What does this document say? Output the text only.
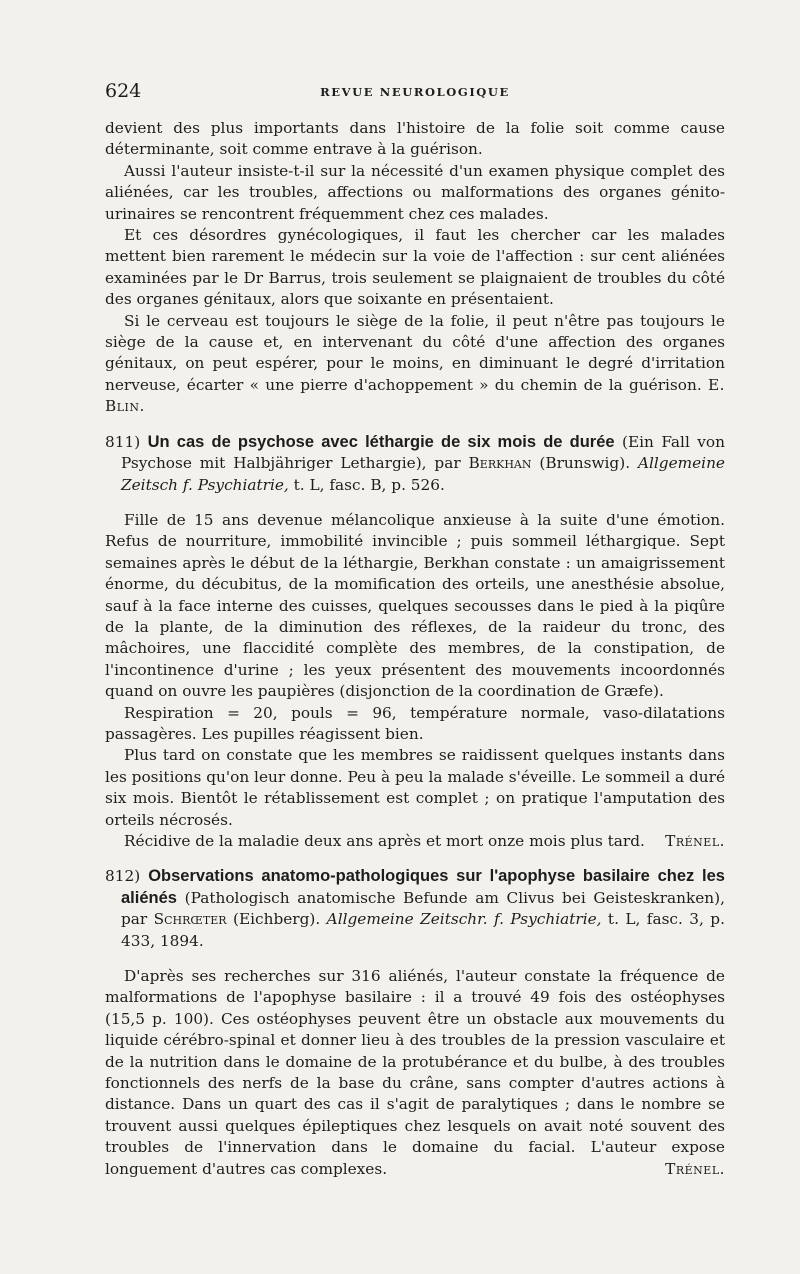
624	REVUE NEUROLOGIQUE

devient des plus importants dans l'histoire de la folie soit comme cause déterminante, soit comme entrave à la guérison.

Aussi l'auteur insiste-t-il sur la nécessité d'un examen physique complet des aliénées, car les troubles, affections ou malformations des organes génito-urinaires se rencontrent fréquemment chez ces malades.

Et ces désordres gynécologiques, il faut les chercher car les malades mettent bien rarement le médecin sur la voie de l'affection : sur cent aliénées examinées par le Dr Barrus, trois seulement se plaignaient de troubles du côté des organes génitaux, alors que soixante en présentaient.

Si le cerveau est toujours le siège de la folie, il peut n'être pas toujours le siège de la cause et, en intervenant du côté d'une affection des organes génitaux, on peut espérer, pour le moins, en diminuant le degré d'irritation nerveuse, écarter « une pierre d'achoppement » du chemin de la guérison. E. Blin.

811) Un cas de psychose avec léthargie de six mois de durée (Ein Fall von Psychose mit Halbjähriger Lethargie), par Berkhan (Brunswig). Allgemeine Zeitsch f. Psychiatrie, t. L, fasc. B, p. 526.

Fille de 15 ans devenue mélancolique anxieuse à la suite d'une émotion. Refus de nourriture, immobilité invincible ; puis sommeil léthargique. Sept semaines après le début de la léthargie, Berkhan constate : un amaigrissement énorme, du décubitus, de la momification des orteils, une anesthésie absolue, sauf à la face interne des cuisses, quelques secousses dans le pied à la piqûre de la plante, de la diminution des réflexes, de la raideur du tronc, des mâchoires, une flaccidité complète des membres, de la constipation, de l'incontinence d'urine ; les yeux présentent des mouvements incoordonnés quand on ouvre les paupières (disjonction de la coordination de Græfe).

Respiration = 20, pouls = 96, température normale, vaso-dilatations passagères. Les pupilles réagissent bien.

Plus tard on constate que les membres se raidissent quelques instants dans les positions qu'on leur donne. Peu à peu la malade s'éveille. Le sommeil a duré six mois. Bientôt le rétablissement est complet ; on pratique l'amputation des orteils nécrosés.

Récidive de la maladie deux ans après et mort onze mois plus tard.	Trénel.

812) Observations anatomo-pathologiques sur l'apophyse basilaire chez les aliénés (Pathologisch anatomische Befunde am Clivus bei Geisteskranken), par Schrœter (Eichberg). Allgemeine Zeitschr. f. Psychiatrie, t. L, fasc. 3, p. 433, 1894.

D'après ses recherches sur 316 aliénés, l'auteur constate la fréquence de malformations de l'apophyse basilaire : il a trouvé 49 fois des ostéophyses (15,5 p. 100). Ces ostéophyses peuvent être un obstacle aux mouvements du liquide cérébro-spinal et donner lieu à des troubles de la pression vasculaire et de la nutrition dans le domaine de la protubérance et du bulbe, à des troubles fonctionnels des nerfs de la base du crâne, sans compter d'autres actions à distance. Dans un quart des cas il s'agit de paralytiques ; dans le nombre se trouvent aussi quelques épileptiques chez lesquels on avait noté souvent des troubles de l'innervation dans le domaine du facial. L'auteur expose longuement d'autres cas complexes.	Trénel.
